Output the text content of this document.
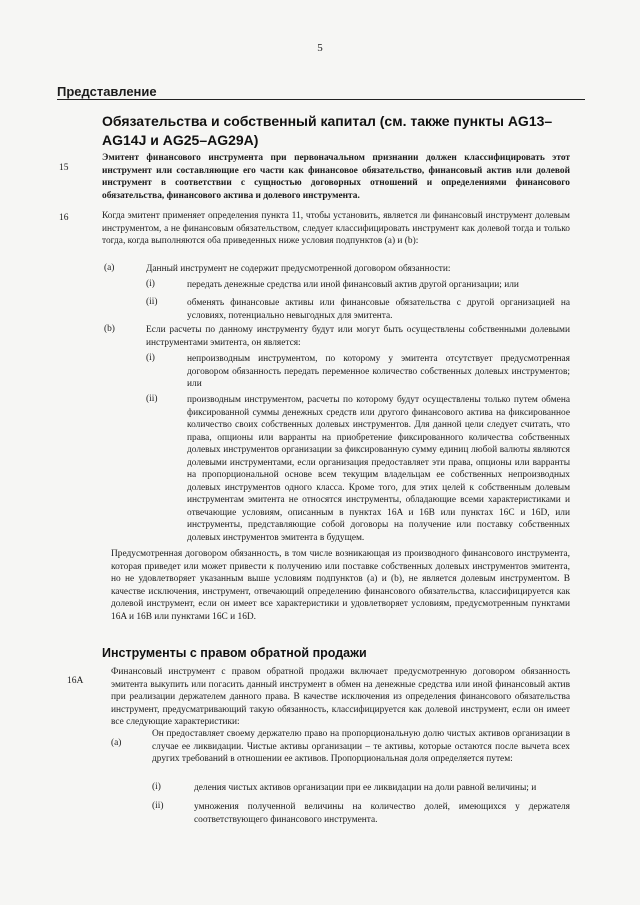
5
Представление
Обязательства и собственный капитал (см. также пункты AG13–AG14J и AG25–AG29A)
15
Эмитент финансового инструмента при первоначальном признании должен классифицировать этот инструмент или составляющие его части как финансовое обязательство, финансовый актив или долевой инструмент в соответствии с сущностью договорных отношений и определениями финансового обязательства, финансового актива и долевого инструмента.
16	Когда эмитент применяет определения пункта 11, чтобы установить, является ли финансовый инструмент долевым инструментом, а не финансовым обязательством, следует классифицировать инструмент как долевой тогда и только тогда, когда выполняются оба приведенных ниже условия подпунктов (а) и (b):
(a)	Данный инструмент не содержит предусмотренной договором обязанности:
(i)	передать денежные средства или иной финансовый актив другой организации; или
(ii)	обменять финансовые активы или финансовые обязательства с другой организацией на условиях, потенциально невыгодных для эмитента.
(b)	Если расчеты по данному инструменту будут или могут быть осуществлены собственными долевыми инструментами эмитента, он является:
(i)	непроизводным инструментом, по которому у эмитента отсутствует предусмотренная договором обязанность передать переменное количество собственных долевых инструментов; или
(ii)	производным инструментом, расчеты по которому будут осуществлены только путем обмена фиксированной суммы денежных средств или другого финансового актива на фиксированное количество своих собственных долевых инструментов. Для данной цели следует считать, что права, опционы или варранты на приобретение фиксированного количества собственных долевых инструментов организации за фиксированную сумму единиц любой валюты являются долевыми инструментами, если организация предоставляет эти права, опционы или варранты на пропорциональной основе всем текущим владельцам ее собственных непроизводных долевых инструментов одного класса. Кроме того, для этих целей к собственным долевым инструментам эмитента не относятся инструменты, обладающие всеми характеристиками и отвечающие условиям, описанным в пунктах 16A и 16B или пунктах 16C и 16D, или инструменты, представляющие собой договоры на получение или поставку собственных долевых инструментов эмитента в будущем.
Предусмотренная договором обязанность, в том числе возникающая из производного финансового инструмента, которая приведет или может привести к получению или поставке собственных долевых инструментов эмитента, но не удовлетворяет указанным выше условиям подпунктов (а) и (b), не является долевым инструментом. В качестве исключения, инструмент, отвечающий определению финансового обязательства, классифицируется как долевой инструмент, если он имеет все характеристики и удовлетворяет условиям, предусмотренным пунктами 16A и 16B или пунктами 16C и 16D.
Инструменты с правом обратной продажи
16A
Финансовый инструмент с правом обратной продажи включает предусмотренную договором обязанность эмитента выкупить или погасить данный инструмент в обмен на денежные средства или иной финансовый актив при реализации держателем данного права. В качестве исключения из определения финансового обязательства инструмент, предусматривающий такую обязанность, классифицируется как долевой инструмент, если он имеет все следующие характеристики:
(a)
Он предоставляет своему держателю право на пропорциональную долю чистых активов организации в случае ее ликвидации. Чистые активы организации – те активы, которые остаются после вычета всех других требований в отношении ее активов. Пропорциональная доля определяется путем:
(i)	деления чистых активов организации при ее ликвидации на доли равной величины; и
(ii)	умножения полученной величины на количество долей, имеющихся у держателя соответствующего финансового инструмента.
